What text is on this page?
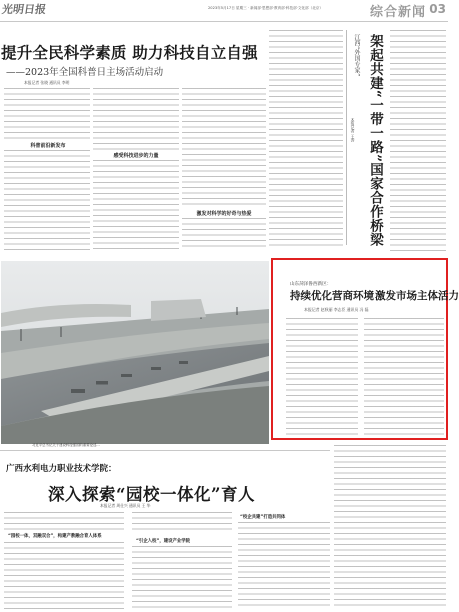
光明日报	2023年5月17日 星期三 · 新闻部·思想部·教育部·科技部·文化部（北京）	综合新闻 03
提升全民科学素质 助力科技自立自强
——2023年全国科普日主场活动启动
本报记者 张晓 通讯员 李明
科普前沿新发布
感受科技进步的力量
激发对科学的好奇与热爱
江西“外国专家”
本报记者 王涛 架起共建“一带一路”国家合作桥梁
习近平总书记关于建设科技强国的重要论述...
山东菏泽鲁西新区：
持续优化营商环境 激发市场主体活力
本报记者 赵秋丽 李志臣 通讯员 冯 磊
广西水利电力职业技术学院：
深入探索“园校一体化”育人
本报记者 周仕兴 通讯员 王 华
“园校一体，双融双合”，构建产教融合育人体系
“引企入校”，建设产业学院
“校企共建”打造共同体
